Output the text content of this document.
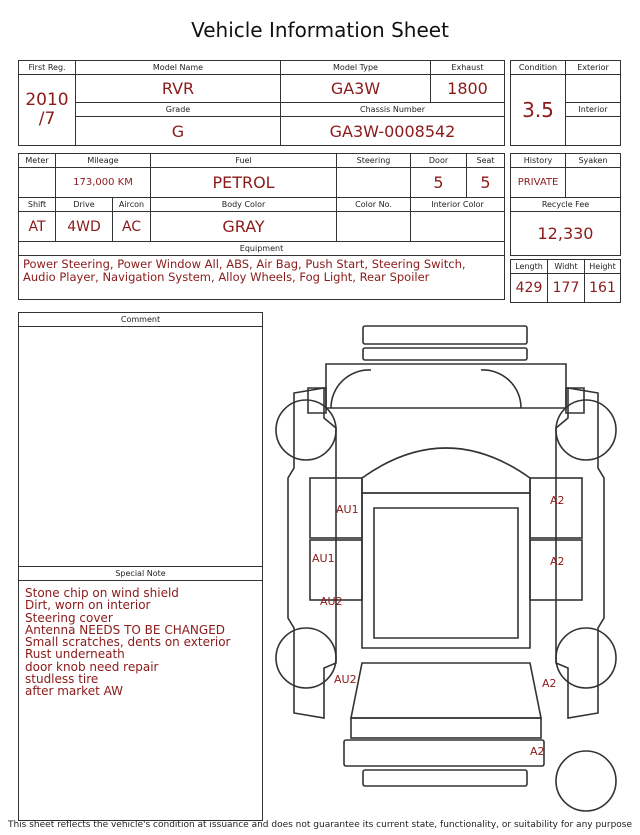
Vehicle Information Sheet
First Reg.	Model Name	Model Type	Exhaust
2010
/7	RVR	GA3W	1800
	Grade	Chassis Number	
	G	GA3W-0008542	
Condition	Exterior
3.5	
	Interior

Meter	Mileage		Fuel	Steering	Door	Seat
	173,000 KM		PETROL		5	5
Shift	Drive	Aircon	Body Color	Color No.	Interior Color	
AT	4WD	AC	GRAY			
Equipment						
Power Steering, Power Window All, ABS, Air Bag, Push Start, Steering Switch, Audio Player, Navigation System, Alloy Wheels, Fog Light, Rear Spoiler						
History	Syaken
PRIVATE	
Recycle Fee	
12,330	
Length	Widht	Height
429	177	161
Comment
Special Note
Stone chip on wind shield
Dirt, worn on interior
Steering cover
Antenna NEEDS TO BE CHANGED
Small scratches, dents on exterior
Rust underneath
door knob need repair
studless tire
after market AW
AU1
AU1
AU2
AU2
A2
A2
A2
A2
This sheet reflects the vehicle's condition at issuance and does not guarantee its current state, functionality, or suitability for any purpose
